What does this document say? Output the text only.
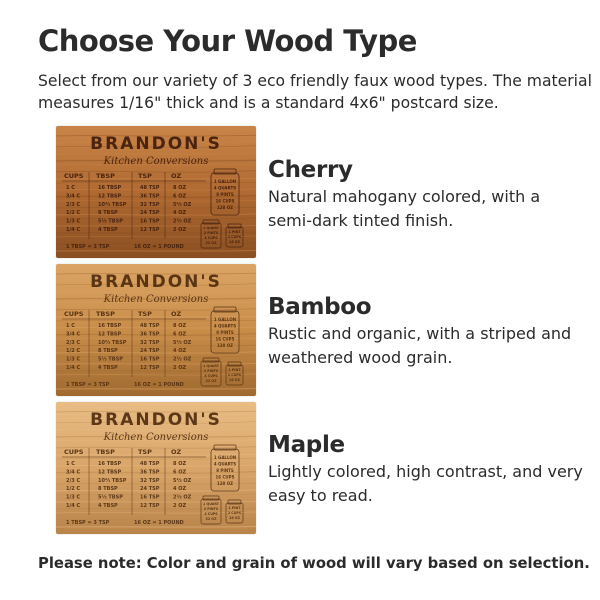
Choose Your Wood Type
Select from our variety of 3 eco friendly faux wood types. The material measures 1/16" thick and is a standard 4x6" postcard size.
BRANDON'S
Kitchen Conversions
CUPS TBSP	TSP	OZ
1 C	16 TBSP	48 TSP	8 OZ
3/4 C	12 TBSP	36 TSP	6 OZ
2/3 C	10⅔ TBSP	32 TSP	5⅓ OZ
1/2 C	8 TBSP	24 TSP	4 OZ
1/3 C	5⅓ TBSP	16 TSP	2⅔ OZ
1/4 C	4 TBSP	12 TSP	2 OZ
1 TBSP = 3 TSP	16 OZ = 1 POUND
1 GALLON
4 QUARTS
8 PINTS
16 CUPS
128 OZ
1 QUART
2 PINTS
4 CUPS
32 OZ
1 PINT
2 CUPS
16 OZ
Cherry
Natural mahogany colored, with a semi-dark tinted finish.
BRANDON'S
Kitchen Conversions
CUPS TBSP	TSP	OZ
1 C	16 TBSP	48 TSP	8 OZ
3/4 C	12 TBSP	36 TSP	6 OZ
2/3 C	10⅔ TBSP	32 TSP	5⅓ OZ
1/2 C	8 TBSP	24 TSP	4 OZ
1/3 C	5⅓ TBSP	16 TSP	2⅔ OZ
1/4 C	4 TBSP	12 TSP	2 OZ
1 TBSP = 3 TSP	16 OZ = 1 POUND
1 GALLON
4 QUARTS
8 PINTS
16 CUPS
128 OZ
1 QUART
2 PINTS
4 CUPS
32 OZ
1 PINT
2 CUPS
16 OZ
Bamboo
Rustic and organic, with a striped and weathered wood grain.
BRANDON'S
Kitchen Conversions
CUPS TBSP	TSP	OZ
1 C	16 TBSP	48 TSP	8 OZ
3/4 C	12 TBSP	36 TSP	6 OZ
2/3 C	10⅔ TBSP	32 TSP	5⅓ OZ
1/2 C	8 TBSP	24 TSP	4 OZ
1/3 C	5⅓ TBSP	16 TSP	2⅔ OZ
1/4 C	4 TBSP	12 TSP	2 OZ
1 TBSP = 3 TSP	16 OZ = 1 POUND
1 GALLON
4 QUARTS
8 PINTS
16 CUPS
128 OZ
1 QUART
2 PINTS
4 CUPS
32 OZ
1 PINT
2 CUPS
16 OZ
Maple
Lightly colored, high contrast, and very easy to read.
Please note: Color and grain of wood will vary based on selection.
